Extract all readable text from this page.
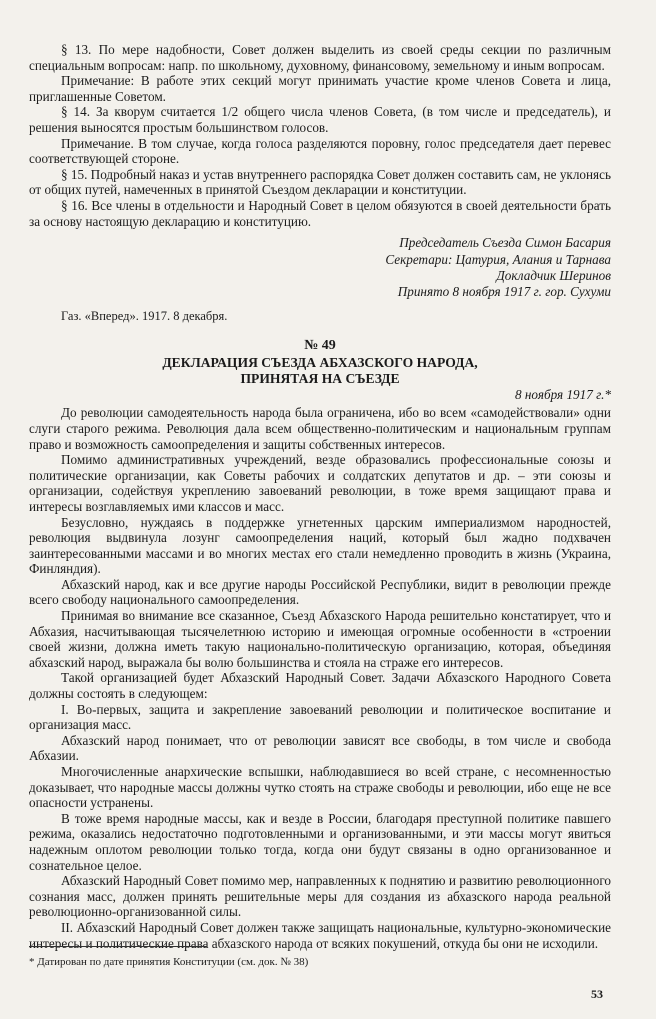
§ 13. По мере надобности, Совет должен выделить из своей среды секции по различным специальным вопросам: напр. по школьному, духовному, финансовому, земельному и иным вопросам.

Примечание: В работе этих секций могут принимать участие кроме членов Совета и лица, приглашенные Советом.

§ 14. За кворум считается 1/2 общего числа членов Совета, (в том числе и председатель), и решения выносятся простым большинством голосов.

Примечание. В том случае, когда голоса разделяются поровну, голос председателя дает перевес соответствующей стороне.

§ 15. Подробный наказ и устав внутреннего распорядка Совет должен составить сам, не уклонясь от общих путей, намеченных в принятой Съездом декларации и конституции.

§ 16. Все члены в отдельности и Народный Совет в целом обязуются в своей деятельности брать за основу настоящую декларацию и конституцию.

Председатель Съезда Симон Басария

Секретари: Цатурия, Алания и Тарнава

Докладчик Шеринов

Принято 8 ноября 1917 г. гор. Сухуми

Газ. «Вперед». 1917. 8 декабря.

№ 49

ДЕКЛАРАЦИЯ СЪЕЗДА АБХАЗСКОГО НАРОДА,

ПРИНЯТАЯ НА СЪЕЗДЕ

8 ноября 1917 г.*

До революции самодеятельность народа была ограничена, ибо во всем «самодействовали» одни слуги старого режима. Революция дала всем общественно-политическим и национальным группам право и возможность самоопределения и защиты собственных интересов.

Помимо административных учреждений, везде образовались профессиональные союзы и политические организации, как Советы рабочих и солдатских депутатов и др. – эти союзы и организации, содействуя укреплению завоеваний революции, в тоже время защищают права и интересы возглавляемых ими классов и масс.

Безусловно, нуждаясь в поддержке угнетенных царским империализмом народностей, революция выдвинула лозунг самоопределения наций, который был жадно подхвачен заинтересованными массами и во многих местах его стали немедленно проводить в жизнь (Украина, Финляндия).

Абхазский народ, как и все другие народы Российской Республики, видит в революции прежде всего свободу национального самоопределения.

Принимая во внимание все сказанное, Съезд Абхазского Народа решительно констатирует, что и Абхазия, насчитывающая тысячелетнюю историю и имеющая огромные особенности в «строении своей жизни, должна иметь такую национально-политическую организацию, которая, объединяя абхазский народ, выражала бы волю большинства и стояла на страже его интересов.

Такой организацией будет Абхазский Народный Совет. Задачи Абхазского Народного Совета должны состоять в следующем:

I. Во-первых, защита и закрепление завоеваний революции и политическое воспитание и организация масс.

Абхазский народ понимает, что от революции зависят все свободы, в том числе и свобода Абхазии.

Многочисленные анархические вспышки, наблюдавшиеся во всей стране, с несомненностью доказывает, что народные массы должны чутко стоять на страже свободы и революции, ибо еще не все опасности устранены.

В тоже время народные массы, как и везде в России, благодаря преступной политике павшего режима, оказались недостаточно подготовленными и организованными, и эти массы могут явиться надежным оплотом революции только тогда, когда они будут связаны в одно организованное и сознательное целое.

Абхазский Народный Совет помимо мер, направленных к поднятию и развитию революционного сознания масс, должен принять решительные меры для создания из абхазского народа реальной революционно-организованной силы.

II. Абхазский Народный Совет должен также защищать национальные, культурно-экономические интересы и политические права абхазского народа от всяких покушений, откуда бы они не исходили.

* Датирован по дате принятия Конституции (см. док. № 38)
53
